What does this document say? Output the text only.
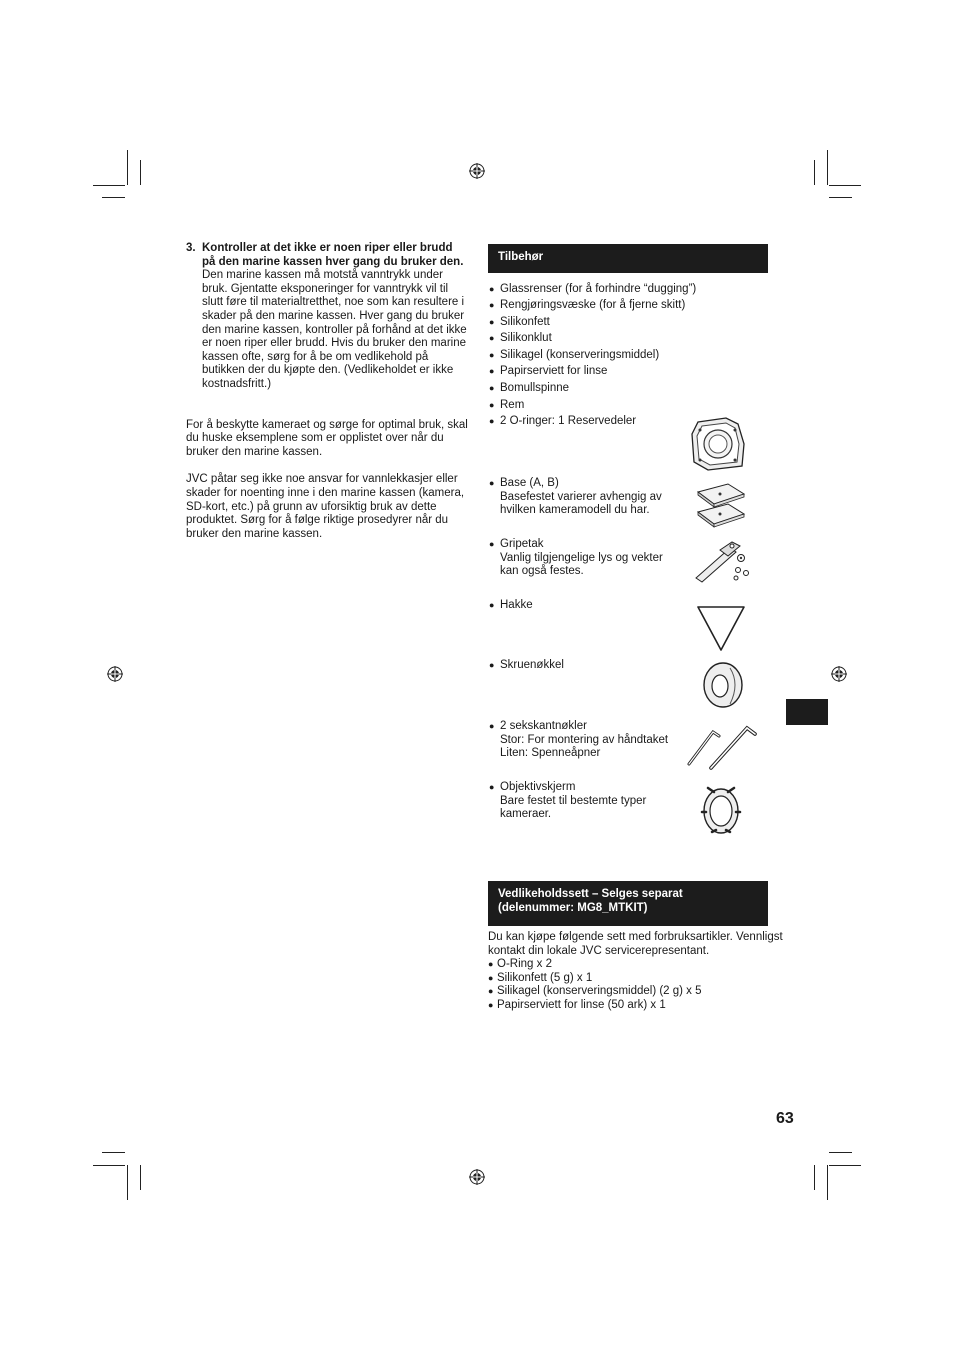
3. Kontroller at det ikke er noen riper eller brudd på den marine kassen hver gang du bruker den.
Den marine kassen må motstå vanntrykk under bruk. Gjentatte eksponeringer for vanntrykk vil til slutt føre til materialtretthet, noe som kan resultere i skader på den marine kassen. Hver gang du bruker den marine kassen, kontroller på forhånd at det ikke er noen riper eller brudd. Hvis du bruker den marine kassen ofte, sørg for å be om vedlikehold på butikken der du kjøpte den. (Vedlikeholdet er ikke kostnadsfritt.)
For å beskytte kameraet og sørge for optimal bruk, skal du huske eksemplene som er opplistet over når du bruker den marine kassen.
JVC påtar seg ikke noe ansvar for vannlekkasjer eller skader for noenting inne i den marine kassen (kamera, SD-kort, etc.) på grunn av uforsiktig bruk av dette produktet. Sørg for å følge riktige prosedyrer når du bruker den marine kassen.
Tilbehør
● Glassrenser (for å forhindre “dugging”)
● Rengjøringsvæske (for å fjerne skitt)
● Silikonfett
● Silikonklut
● Silikagel (konserveringsmiddel)
● Papirserviett for linse
● Bomullspinne
● Rem
● 2 O-ringer: 1 Reservedeler
● Base (A, B)
Basefestet varierer avhengig av hvilken kameramodell du har.
● Gripetak
Vanlig tilgjengelige lys og vekter kan også festes.
● Hakke
● Skruenøkkel
● 2 sekskantnøkler
Stor: For montering av håndtaket
Liten: Spenneåpner
● Objektivskjerm
Bare festet til bestemte typer kameraer.
Vedlikeholdssett – Selges separat (delenummer: MG8_MTKIT)
Du kan kjøpe følgende sett med forbruksartikler. Vennligst kontakt din lokale JVC servicerepresentant.
● O-Ring x 2
● Silikonfett (5 g) x 1
● Silikagel (konserveringsmiddel) (2 g) x 5
● Papirserviett for linse (50 ark) x 1
63
